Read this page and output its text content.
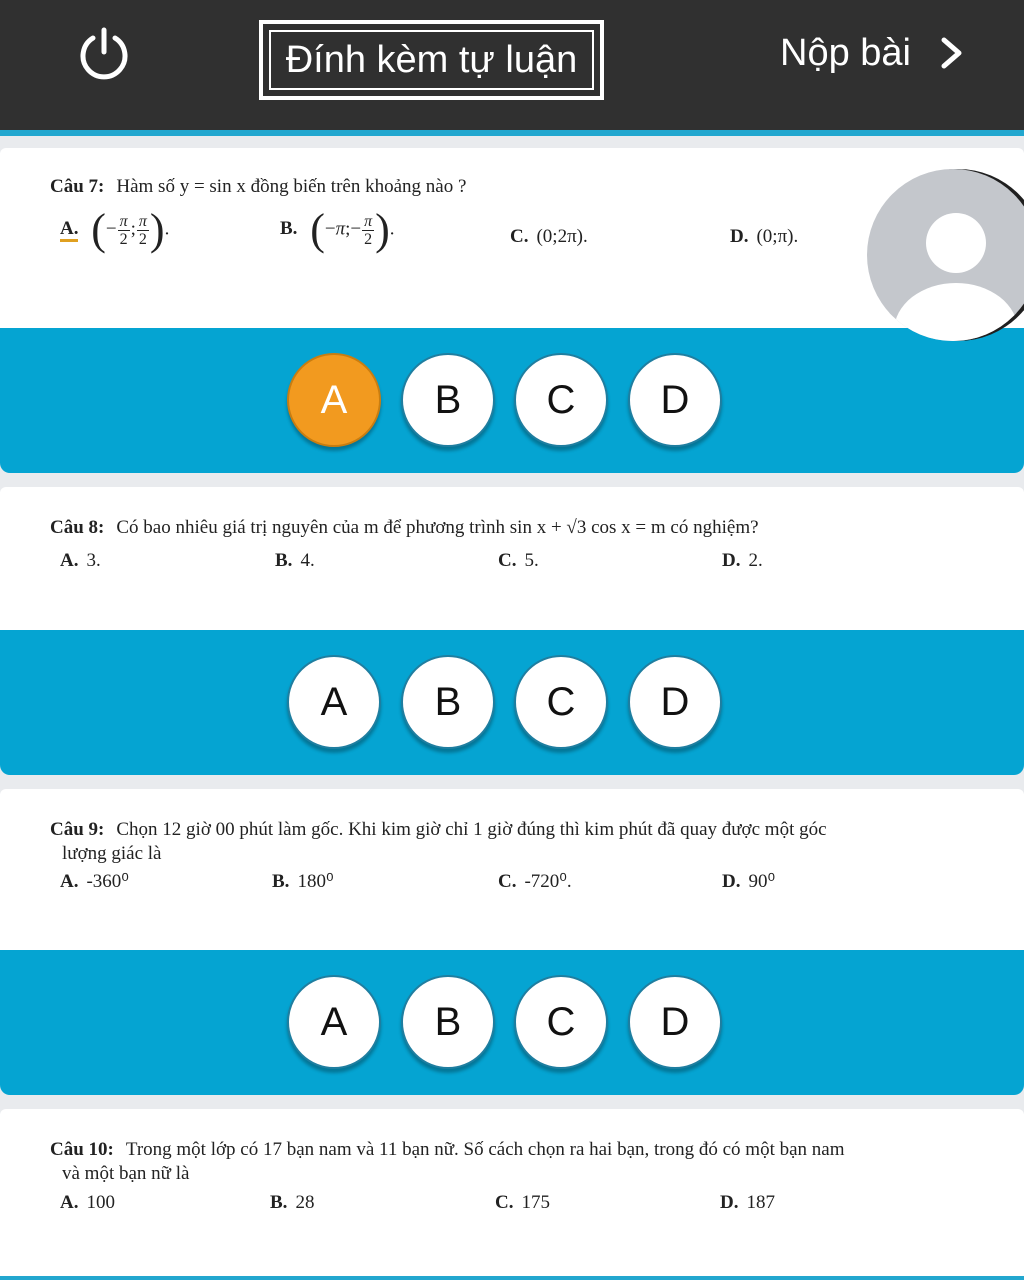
Đính kèm tự luận	Nộp bài
Câu 7: Hàm số y = sin x đồng biến trên khoảng nào ?
A. (− $\frac{\pi}{2}$ ; $\frac{\pi}{2}$ ).	B. (−π;− $\frac{\pi}{2}$ ).	C. (0;2π).	D. (0;π).
A B C D
Câu 8: Có bao nhiêu giá trị nguyên của m để phương trình sin x + √3 cos x = m có nghiệm?
A. 3.	B. 4.	C. 5.	D. 2.
A B C D
Câu 9: Chọn 12 giờ 00 phút làm gốc. Khi kim giờ chỉ 1 giờ đúng thì kim phút đã quay được một góc
lượng giác là
A. -360⁰	B. 180⁰	C. -720⁰.	D. 90⁰
A B C D
Câu 10: Trong một lớp có 17 bạn nam và 11 bạn nữ. Số cách chọn ra hai bạn, trong đó có một bạn nam
và một bạn nữ là
A. 100	B. 28	C. 175	D. 187
